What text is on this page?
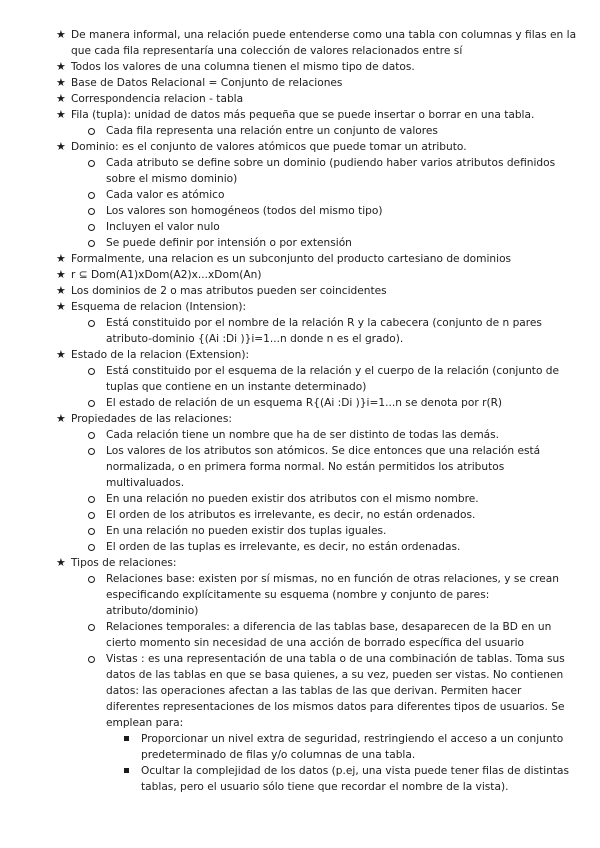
★ De manera informal, una relación puede entenderse como una tabla con columnas y filas en la que cada fila representaría una colección de valores relacionados entre sí
★ Todos los valores de una columna tienen el mismo tipo de datos.
★ Base de Datos Relacional = Conjunto de relaciones
★ Correspondencia relacion - tabla
★ Fila (tupla): unidad de datos más pequeña que se puede insertar o borrar en una tabla.
Cada fila representa una relación entre un conjunto de valores
★ Dominio: es el conjunto de valores atómicos que puede tomar un atributo.
Cada atributo se define sobre un dominio (pudiendo haber varios atributos definidos sobre el mismo dominio)
Cada valor es atómico
Los valores son homogéneos (todos del mismo tipo)
Incluyen el valor nulo
Se puede definir por intensión o por extensión
★ Formalmente, una relacion es un subconjunto del producto cartesiano de dominios
★ r ⊆ Dom(A1)xDom(A2)x...xDom(An)
★ Los dominios de 2 o mas atributos pueden ser coincidentes
★ Esquema de relacion (Intension):
Está constituido por el nombre de la relación R y la cabecera (conjunto de n pares atributo-dominio {(Ai :Di )}i=1...n donde n es el grado).
★ Estado de la relacion (Extension):
Está constituido por el esquema de la relación y el cuerpo de la relación (conjunto de tuplas que contiene en un instante determinado)
El estado de relación de un esquema R{(Ai :Di )}i=1...n se denota por r(R)
★ Propiedades de las relaciones:
Cada relación tiene un nombre que ha de ser distinto de todas las demás.
Los valores de los atributos son atómicos. Se dice entonces que una relación está normalizada, o en primera forma normal. No están permitidos los atributos multivaluados.
En una relación no pueden existir dos atributos con el mismo nombre.
El orden de los atributos es irrelevante, es decir, no están ordenados.
En una relación no pueden existir dos tuplas iguales.
El orden de las tuplas es irrelevante, es decir, no están ordenadas.
★ Tipos de relaciones:
Relaciones base: existen por sí mismas, no en función de otras relaciones, y se crean especificando explícitamente su esquema (nombre y conjunto de pares: atributo/dominio)
Relaciones temporales: a diferencia de las tablas base, desaparecen de la BD en un cierto momento sin necesidad de una acción de borrado específica del usuario
Vistas : es una representación de una tabla o de una combinación de tablas. Toma sus datos de las tablas en que se basa quienes, a su vez, pueden ser vistas. No contienen datos: las operaciones afectan a las tablas de las que derivan. Permiten hacer diferentes representaciones de los mismos datos para diferentes tipos de usuarios. Se emplean para:
Proporcionar un nivel extra de seguridad, restringiendo el acceso a un conjunto predeterminado de filas y/o columnas de una tabla.
Ocultar la complejidad de los datos (p.ej, una vista puede tener filas de distintas tablas, pero el usuario sólo tiene que recordar el nombre de la vista).
